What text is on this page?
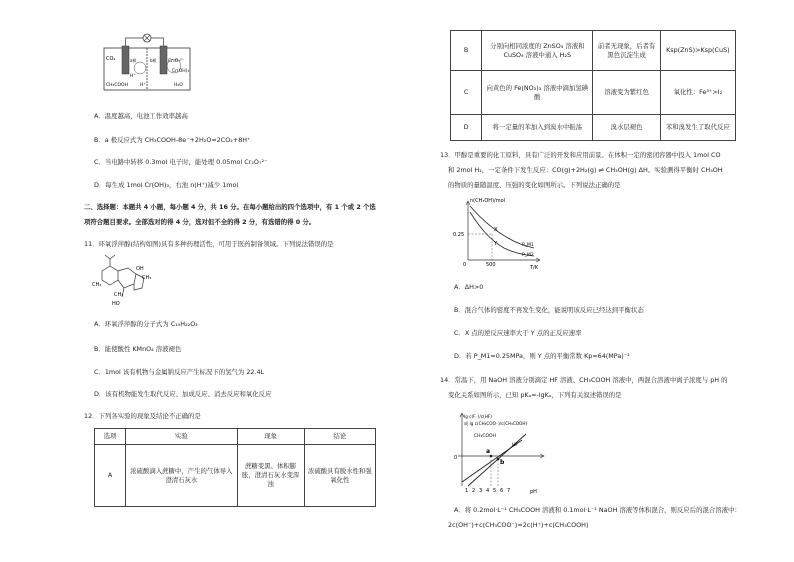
CO₂	a极	b极	Cr₂O₇²⁻
Cr(OH)₃
H⁺
CH₃COOH	H⁺	H₂O
A．温度越高，电池工作效率越高
B．a 极反应式为 CH₃COOH-8e⁻+2H₂O=2CO₂+8H⁺
C．当电路中转移 0.3mol 电子时，能处理 0.05mol Cr₂O₇²⁻
D．每生成 1mol Cr(OH)₃，右池 n(H⁺)减少 1mol
二、选择题：本题共 4 小题，每小题 4 分，共 16 分。在每小题给出的四个选项中，有 1 个或 2 个选
项符合题目要求。全部选对的得 4 分，选对但不全的得 2 分，有选错的得 0 分。
11．环氧浮萍醇(结构如图)具有多种药理活性，可用于医药制备领域。下列说法错误的是
OH
CH₃
CH₃
CH₃
HO
A．环氧浮萍醇的分子式为 C₁₅H₂₂O₂
B．能使酸性 KMnO₄ 溶液褪色
C．1mol 该有机物与金属钠反应产生标况下的氢气为 22.4L
D．该有机物能发生取代反应、加成反应、消去反应和氧化反应
12．下列各实验的现象及结论不正确的是
选项	实验	现象	结论
A	浓硫酸滴入蔗糖中，产生的气体导入澄清石灰水	蔗糖变黑、体积膨胀，澄清石灰水变浑浊	浓硫酸具有脱水性和强氧化性
B	分别向相同浓度的 ZnSO₄ 溶液和 CuSO₄ 溶液中通入 H₂S	前者无现象，后者有黑色沉淀生成	Ksp(ZnS)>Ksp(CuS)
C	向黄色的 Fe(NO₃)₃ 溶液中滴加氢碘酸	溶液变为紫红色	氧化性：Fe³⁺>I₂
D	将一定量的苯加入到溴水中振荡	溴水层褪色	苯和溴发生了取代反应
13．甲醇是重要的化工原料，具有广泛的开发和应用前景。在体积一定的密闭容器中投入 1mol CO
和 2mol H₂，一定条件下发生反应：CO(g)+2H₂(g) ⇌ CH₃OH(g) ΔH。实验测得平衡时 CH₃OH
的物质的量随温度、压强的变化如图所示。下列说法正确的是
n(CH₃OH)/mol
0.25
0	500	T/K
X
Y	P_M1
P_M2
A．ΔH>0
B．混合气体的密度不再发生变化，能说明该反应已经达到平衡状态
C．X 点的逆反应速率大于 Y 点的正反应速率
D．若 P_M1=0.25MPa，则 Y 点的平衡常数 Kp=64(MPa)⁻²
14．常温下，用 NaOH 溶液分别滴定 HF 溶液、CH₃COOH 溶液中，两混合溶液中离子浓度与 pH 的
变化关系如图所示，已知 pKₐ=-lgKₐ，下列有关叙述错误的是
lg c(F⁻)/c(HF)
或 lg c(CH₃COO⁻)/c(CH₃COOH)
CH₃COOH
HF
a
b
0
1 2 3 4 5 6 7	pH
A．将 0.2mol·L⁻¹ CH₃COOH 溶液和 0.1mol·L⁻¹ NaOH 溶液等体积混合，则反应后的混合溶液中：
2c(OH⁻)+c(CH₃COO⁻)=2c(H⁺)+c(CH₃COOH)
